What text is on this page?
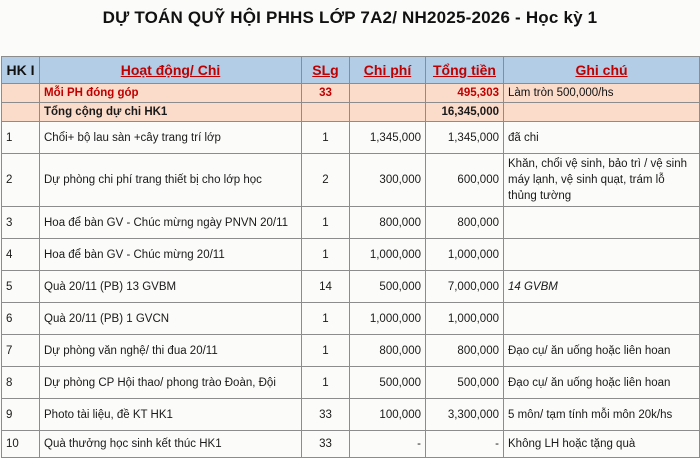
DỰ TOÁN QUỸ HỘI PHHS LỚP 7A2/ NH2025-2026 - Học kỳ 1
HK I	Hoạt động/ Chi	SLg	Chi phí	Tổng tiền	Ghi chú
	Mỗi PH đóng góp	33		495,303	Làm tròn 500,000/hs
	Tổng cộng dự chi HK1			16,345,000	
1	Chổi+ bộ lau sàn +cây trang trí lớp	1	1,345,000	1,345,000	đã chi
2	Dự phòng chi phí trang thiết bị cho lớp học	2	300,000	600,000	Khăn, chổi vệ sinh, bảo trì / vệ sinh máy lạnh, vệ sinh quạt, trám lỗ thủng tường
3	Hoa để bàn GV - Chúc mừng ngày PNVN 20/11	1	800,000	800,000	
4	Hoa để bàn GV - Chúc mừng 20/11	1	1,000,000	1,000,000	
5	Quà 20/11 (PB) 13 GVBM	14	500,000	7,000,000	14 GVBM
6	Quà 20/11 (PB) 1 GVCN	1	1,000,000	1,000,000	
7	Dự phòng văn nghệ/ thi đua 20/11	1	800,000	800,000	Đạo cụ/ ăn uống hoặc liên hoan
8	Dự phòng CP Hội thao/ phong trào Đoàn, Đội	1	500,000	500,000	Đạo cụ/ ăn uống hoặc liên hoan
9	Photo tài liệu, đề KT HK1	33	100,000	3,300,000	5 môn/ tạm tính mỗi môn 20k/hs
10	Quà thưởng học sinh kết thúc HK1	33	-	-	Không LH hoặc tặng quà
